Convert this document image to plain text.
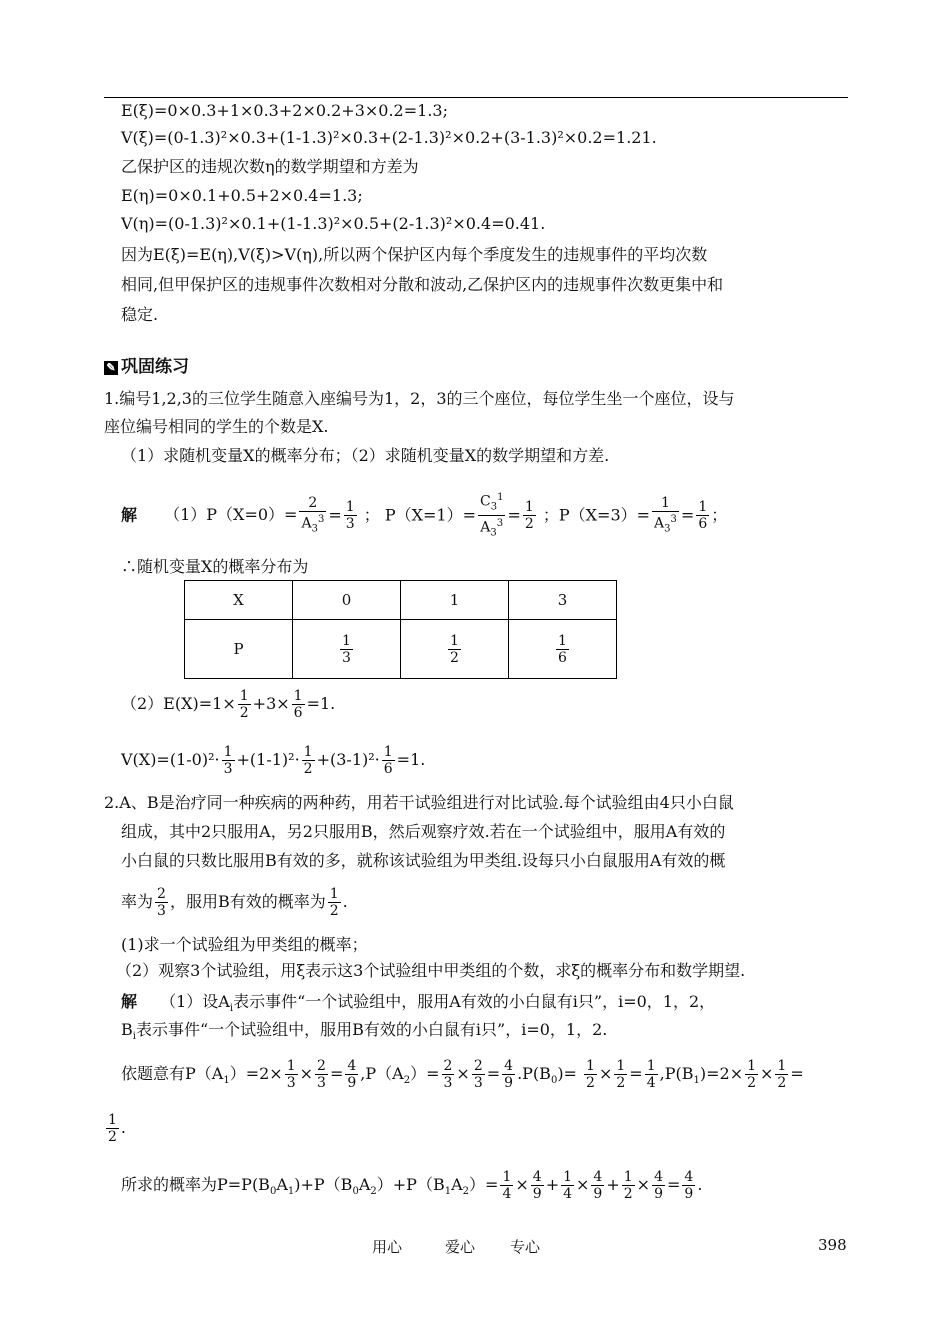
E(ξ)=0×0.3+1×0.3+2×0.2+3×0.2=1.3;
V(ξ)=(0-1.3)²×0.3+(1-1.3)²×0.3+(2-1.3)²×0.2+(3-1.3)²×0.2=1.21.
乙保护区的违规次数η的数学期望和方差为
E(η)=0×0.1+0.5+2×0.4=1.3;
V(η)=(0-1.3)²×0.1+(1-1.3)²×0.5+(2-1.3)²×0.4=0.41.
因为E(ξ)=E(η),V(ξ)>V(η),所以两个保护区内每个季度发生的违规事件的平均次数
相同,但甲保护区的违规事件次数相对分散和波动,乙保护区内的违规事件次数更集中和
稳定.
✎ 巩固练习
1.编号1,2,3的三位学生随意入座编号为1，2，3的三个座位，每位学生坐一个座位，设与
座位编号相同的学生的个数是X.
（1）求随机变量X的概率分布；（2）求随机变量X的数学期望和方差.
解 $(1)P(X=0)= \frac{2}{A_3^3} = \frac{1}{3}$ ； $P(X=1)= \frac{C_3^1}{A_3^3} = \frac{1}{2}$ ；$P(X=3)= \frac{1}{A_3^3} = \frac{1}{6}$ ；
∴随机变量X的概率分布为
X	0	1	3
P	$\frac{1}{3}$	$\frac{1}{2}$	$\frac{1}{6}$
$(2)E(X)=1\times \frac{1}{2} +3\times \frac{1}{6} =1$.
$V(X)=(1-0)^2\cdot \frac{1}{3} +(1-1)^2\cdot \frac{1}{2} +(3-1)^2\cdot \frac{1}{6} =1$.
2.A、B是治疗同一种疾病的两种药，用若干试验组进行对比试验.每个试验组由4只小白鼠
组成，其中2只服用A，另2只服用B，然后观察疗效.若在一个试验组中，服用A有效的
小白鼠的只数比服用B有效的多，就称该试验组为甲类组.设每只小白鼠服用A有效的概
率为 $\frac{2}{3}$ ，服用B有效的概率为 $\frac{1}{2}$ .
(1)求一个试验组为甲类组的概率；
（2）观察3个试验组，用ξ表示这3个试验组中甲类组的个数，求ξ的概率分布和数学期望.
解 （1）设$A_i$表示事件“一个试验组中，服用A有效的小白鼠有i只”，i=0，1，2，
$B_i$表示事件“一个试验组中，服用B有效的小白鼠有i只”，i=0，1，2.
依题意有$P(A_1)=2\times \frac{1}{3} \times \frac{2}{3} = \frac{4}{9} ,P(A_2)= \frac{2}{3} \times \frac{2}{3} = \frac{4}{9} .P(B_0)= \frac{1}{2} \times \frac{1}{2} = \frac{1}{4} ,P(B_1)=2\times \frac{1}{2} \times \frac{1}{2}$ =
$\frac{1}{2}$ .
所求的概率为$P=P(B_0A_1)+P(B_0A_2)+P(B_1A_2)= \frac{1}{4} \times \frac{4}{9} + \frac{1}{4} \times \frac{4}{9} + \frac{1}{2} \times \frac{4}{9} = \frac{4}{9}$ .
用心	爱心 专心	398
